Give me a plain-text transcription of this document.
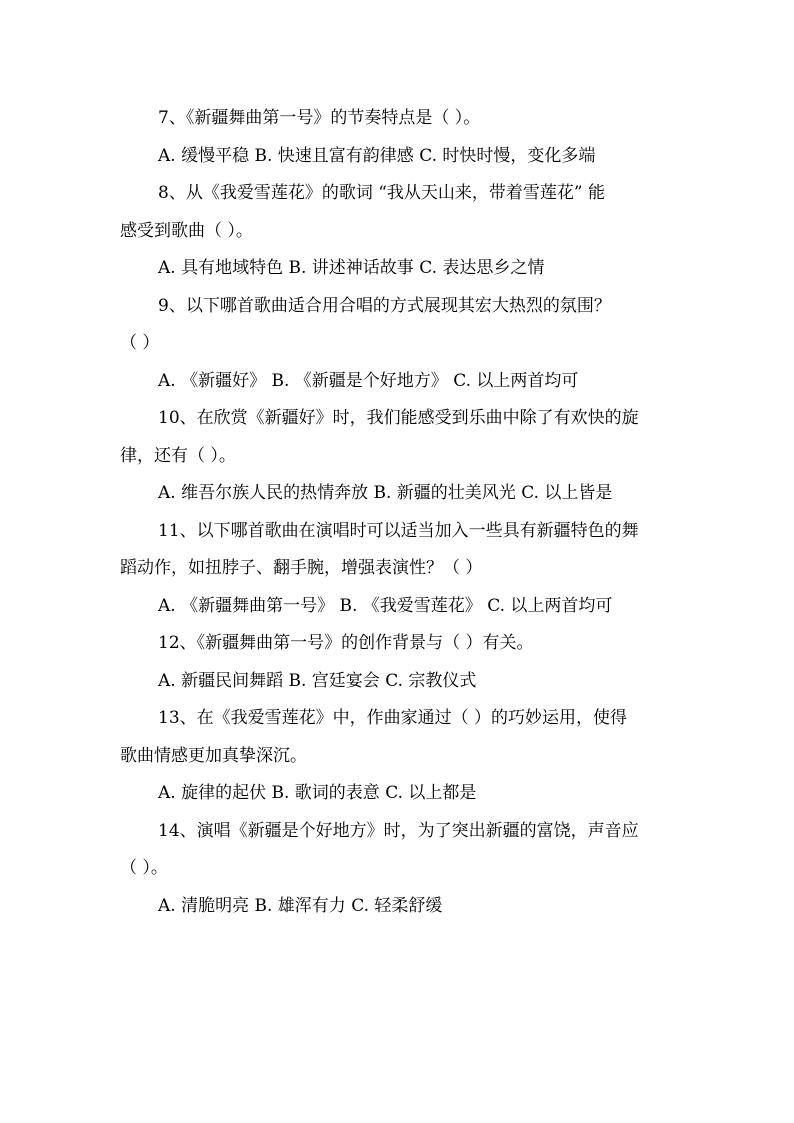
7、《新疆舞曲第一号》的节奏特点是（ ）。
A. 缓慢平稳 B. 快速且富有韵律感 C. 时快时慢，变化多端
8、从《我爱雪莲花》的歌词 “我从天山来，带着雪莲花” 能
感受到歌曲（ ）。
A. 具有地域特色 B. 讲述神话故事 C. 表达思乡之情
9、以下哪首歌曲适合用合唱的方式展现其宏大热烈的氛围？
（ ）
A. 《新疆好》 B. 《新疆是个好地方》 C. 以上两首均可
10、在欣赏《新疆好》时，我们能感受到乐曲中除了有欢快的旋
律，还有（ ）。
A. 维吾尔族人民的热情奔放 B. 新疆的壮美风光 C. 以上皆是
11、以下哪首歌曲在演唱时可以适当加入一些具有新疆特色的舞
蹈动作，如扭脖子、翻手腕，增强表演性？（ ）
A. 《新疆舞曲第一号》 B. 《我爱雪莲花》 C. 以上两首均可
12、《新疆舞曲第一号》的创作背景与（ ）有关。
A. 新疆民间舞蹈 B. 宫廷宴会 C. 宗教仪式
13、在《我爱雪莲花》中，作曲家通过（ ）的巧妙运用，使得
歌曲情感更加真挚深沉。
A. 旋律的起伏 B. 歌词的表意 C. 以上都是
14、演唱《新疆是个好地方》时，为了突出新疆的富饶，声音应
（ ）。
A. 清脆明亮 B. 雄浑有力 C. 轻柔舒缓
